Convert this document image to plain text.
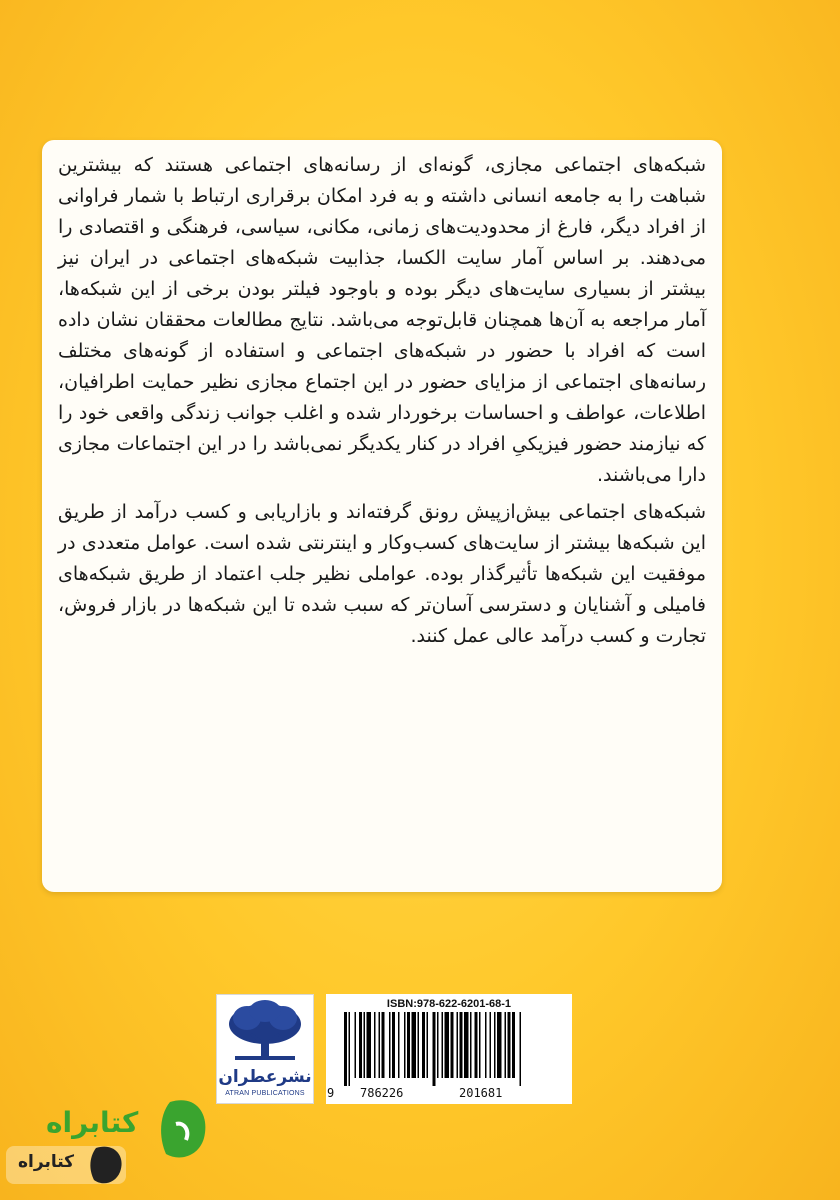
شبکه‌های اجتماعی مجازی، گونه‌ای از رسانه‌های اجتماعی هستند که بیشترین شباهت را به جامعه انسانی داشته و به فرد امکان برقراری ارتباط با شمار فراوانی از افراد دیگر، فارغ از محدودیت‌های زمانی، مکانی، سیاسی، فرهنگی و اقتصادی را می‌دهند. بر اساس آمار سایت الکسا، جذابیت شبکه‌های اجتماعی در ایران نیز بیشتر از بسیاری سایت‌های دیگر بوده و باوجود فیلتر بودن برخی از این شبکه‌ها، آمار مراجعه به آن‌ها همچنان قابل‌توجه می‌باشد. نتایج مطالعات محققان نشان داده است که افراد با حضور در شبکه‌های اجتماعی و استفاده از گونه‌های مختلف رسانه‌های اجتماعی از مزایای حضور در این اجتماع مجازی نظیر حمایت اطرافیان، اطلاعات، عواطف و احساسات برخوردار شده و اغلب جوانب زندگی واقعی خود را که نیازمند حضور فیزیکیِ افراد در کنار یکدیگر نمی‌باشد را در این اجتماعات مجازی دارا می‌باشند.

شبکه‌های اجتماعی بیش‌ازپیش رونق گرفته‌اند و بازاریابی و کسب درآمد از طریق این شبکه‌ها بیشتر از سایت‌های کسب‌وکار و اینترنتی شده است. عوامل متعددی در موفقیت این شبکه‌ها تأثیرگذار بوده. عواملی نظیر جلب اعتماد از طریق شبکه‌های فامیلی و آشنایان و دسترسی آسان‌تر که سبب شده تا این شبکه‌ها در بازار فروش، تجارت و کسب درآمد عالی عمل کنند.

نشرعطران
ATRAN PUBLICATIONS
ISBN:978-622-6201-68-1
9 786226	201681
کتابراه
کتابراه
